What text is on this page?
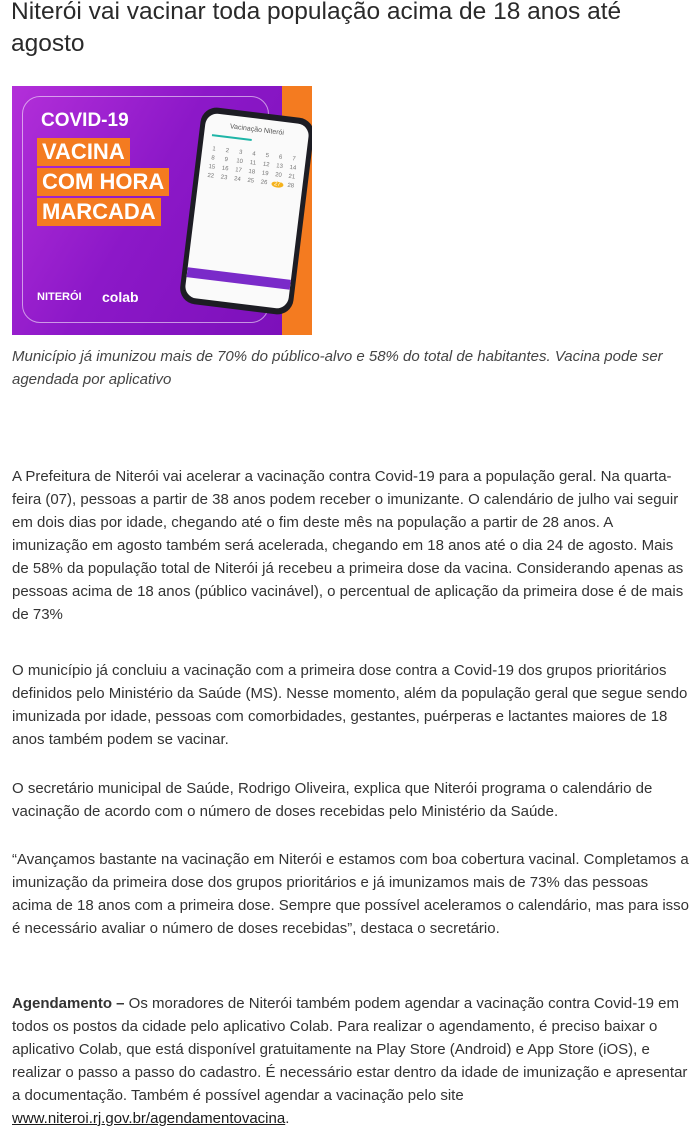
Niterói vai vacinar toda população acima de 18 anos até agosto
COVID-19
VACINA
COM HORA
MARCADA
Vacinação Niterói
1	2	3	4	5	6	7
8	9	10	11	12 13 14
15 16 17 18 19 20 21
22 23 24 25 26 27 28
NITERÓI colab

Município já imunizou mais de 70% do público-alvo e 58% do total de habitantes. Vacina pode ser agendada por aplicativo

A Prefeitura de Niterói vai acelerar a vacinação contra Covid-19 para a população geral. Na quarta-feira (07), pessoas a partir de 38 anos podem receber o imunizante. O calendário de julho vai seguir em dois dias por idade, chegando até o fim deste mês na população a partir de 28 anos. A imunização em agosto também será acelerada, chegando em 18 anos até o dia 24 de agosto. Mais de 58% da população total de Niterói já recebeu a primeira dose da vacina. Considerando apenas as pessoas acima de 18 anos (público vacinável), o percentual de aplicação da primeira dose é de mais de 73%

O município já concluiu a vacinação com a primeira dose contra a Covid-19 dos grupos prioritários definidos pelo Ministério da Saúde (MS). Nesse momento, além da população geral que segue sendo imunizada por idade, pessoas com comorbidades, gestantes, puérperas e lactantes maiores de 18 anos também podem se vacinar.

O secretário municipal de Saúde, Rodrigo Oliveira, explica que Niterói programa o calendário de vacinação de acordo com o número de doses recebidas pelo Ministério da Saúde.

“Avançamos bastante na vacinação em Niterói e estamos com boa cobertura vacinal. Completamos a imunização da primeira dose dos grupos prioritários e já imunizamos mais de 73% das pessoas acima de 18 anos com a primeira dose. Sempre que possível aceleramos o calendário, mas para isso é necessário avaliar o número de doses recebidas”, destaca o secretário.

Agendamento – Os moradores de Niterói também podem agendar a vacinação contra Covid-19 em todos os postos da cidade pelo aplicativo Colab. Para realizar o agendamento, é preciso baixar o aplicativo Colab, que está disponível gratuitamente na Play Store (Android) e App Store (iOS), e realizar o passo a passo do cadastro. É necessário estar dentro da idade de imunização e apresentar a documentação. Também é possível agendar a vacinação pelo site www.niteroi.rj.gov.br/agendamentovacina.
